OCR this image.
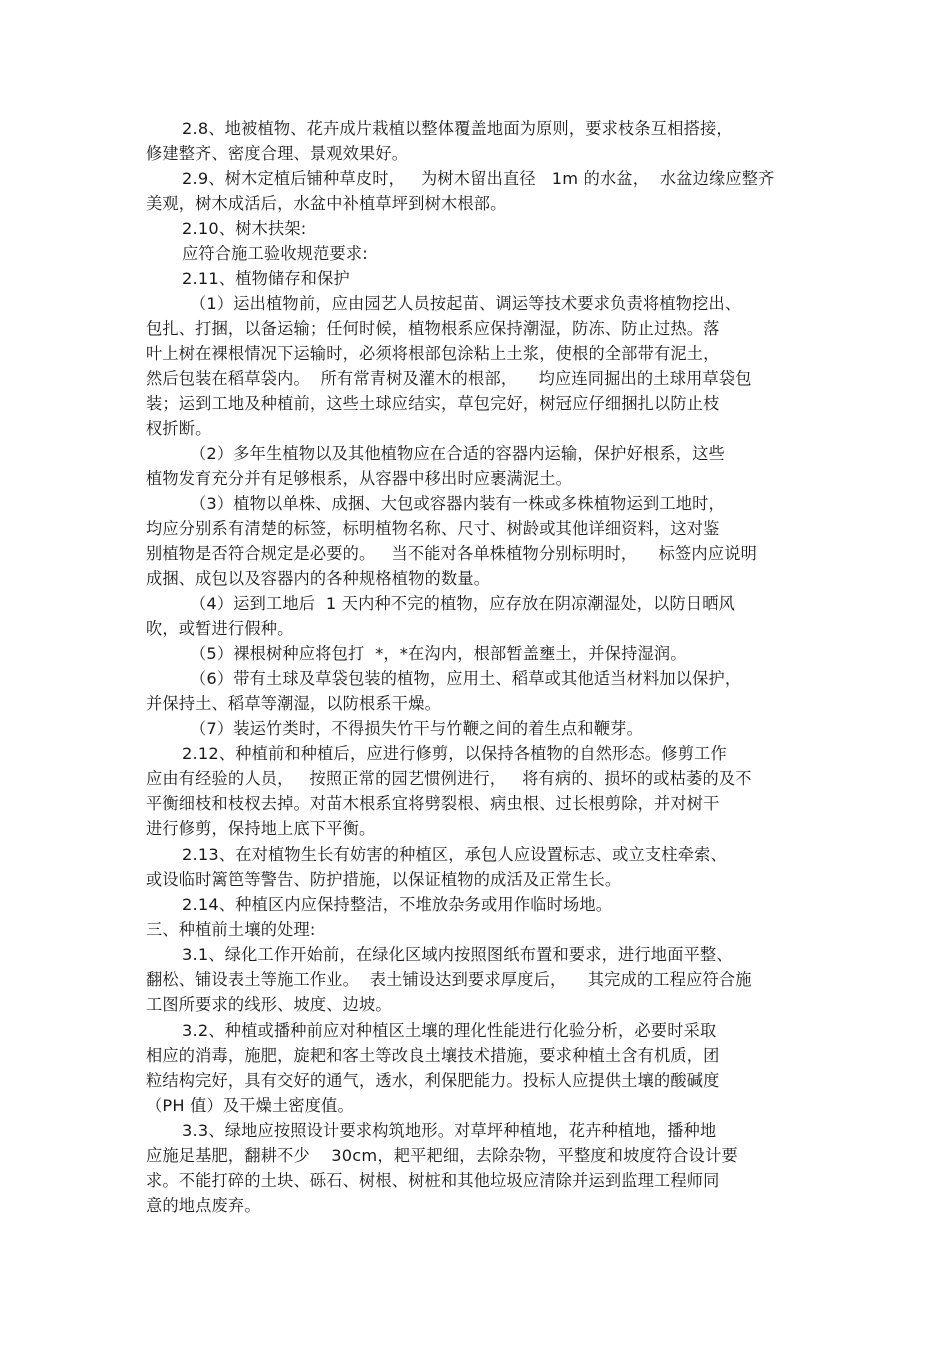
2.8、地被植物、花卉成片栽植以整体覆盖地面为原则，要求枝条互相搭接，
修建整齐、密度合理、景观效果好。
2.9、树木定植后铺种草皮时，   为树木留出直径   1m 的水盆，  水盆边缘应整齐
美观，树木成活后，水盆中补植草坪到树木根部。
2.10、树木扶架:
应符合施工验收规范要求:
2.11、植物储存和保护
（1）运出植物前，应由园艺人员按起苗、调运等技术要求负责将植物挖出、
包扎、打捆，以备运输；任何时候，植物根系应保持潮湿，防冻、防止过热。落
叶上树在裸根情况下运输时，必须将根部包涂粘上土浆，使根的全部带有泥土，
然后包装在稻草袋内。  所有常青树及灌木的根部，    均应连同掘出的土球用草袋包
装；运到工地及种植前，这些土球应结实，草包完好，树冠应仔细捆扎以防止枝
杈折断。
（2）多年生植物以及其他植物应在合适的容器内运输，保护好根系，这些
植物发育充分并有足够根系，从容器中移出时应裹满泥土。
（3）植物以单株、成捆、大包或容器内装有一株或多株植物运到工地时，
均应分别系有清楚的标签，标明植物名称、尺寸、树龄或其他详细资料，这对鉴
别植物是否符合规定是必要的。   当不能对各单株植物分别标明时，    标签内应说明
成捆、成包以及容器内的各种规格植物的数量。
（4）运到工地后  1 天内种不完的植物，应存放在阴凉潮湿处，以防日晒风
吹，或暂进行假种。
（5）裸根树种应将包打  *，*在沟内，根部暂盖壅土，并保持湿润。
（6）带有土球及草袋包装的植物，应用土、稻草或其他适当材料加以保护，
并保持土、稻草等潮湿，以防根系干燥。
（7）装运竹类时，不得损失竹干与竹鞭之间的着生点和鞭芽。
2.12、种植前和种植后，应进行修剪，以保持各植物的自然形态。修剪工作
应由有经验的人员，   按照正常的园艺惯例进行，   将有病的、损坏的或枯萎的及不
平衡细枝和枝杈去掉。对苗木根系宜将劈裂根、病虫根、过长根剪除，并对树干
进行修剪，保持地上底下平衡。
2.13、在对植物生长有妨害的种植区，承包人应设置标志、或立支柱牵索、
或设临时篱笆等警告、防护措施，以保证植物的成活及正常生长。
2.14、种植区内应保持整洁，不堆放杂务或用作临时场地。
三、种植前土壤的处理:
3.1、绿化工作开始前，在绿化区域内按照图纸布置和要求，进行地面平整、
翻松、铺设表土等施工作业。  表土铺设达到要求厚度后，    其完成的工程应符合施
工图所要求的线形、坡度、边坡。
3.2、种植或播种前应对种植区土壤的理化性能进行化验分析，必要时采取
相应的消毒，施肥，旋耙和客土等改良土壤技术措施，要求种植土含有机质，团
粒结构完好，具有交好的通气，透水，利保肥能力。投标人应提供土壤的酸碱度
（PH 值）及干燥土密度值。
3.3、绿地应按照设计要求构筑地形。对草坪种植地，花卉种植地，播种地
应施足基肥，翻耕不少    30cm，耙平耙细，去除杂物，平整度和坡度符合设计要
求。不能打碎的土块、砾石、树根、树桩和其他垃圾应清除并运到监理工程师同
意的地点废弃。
